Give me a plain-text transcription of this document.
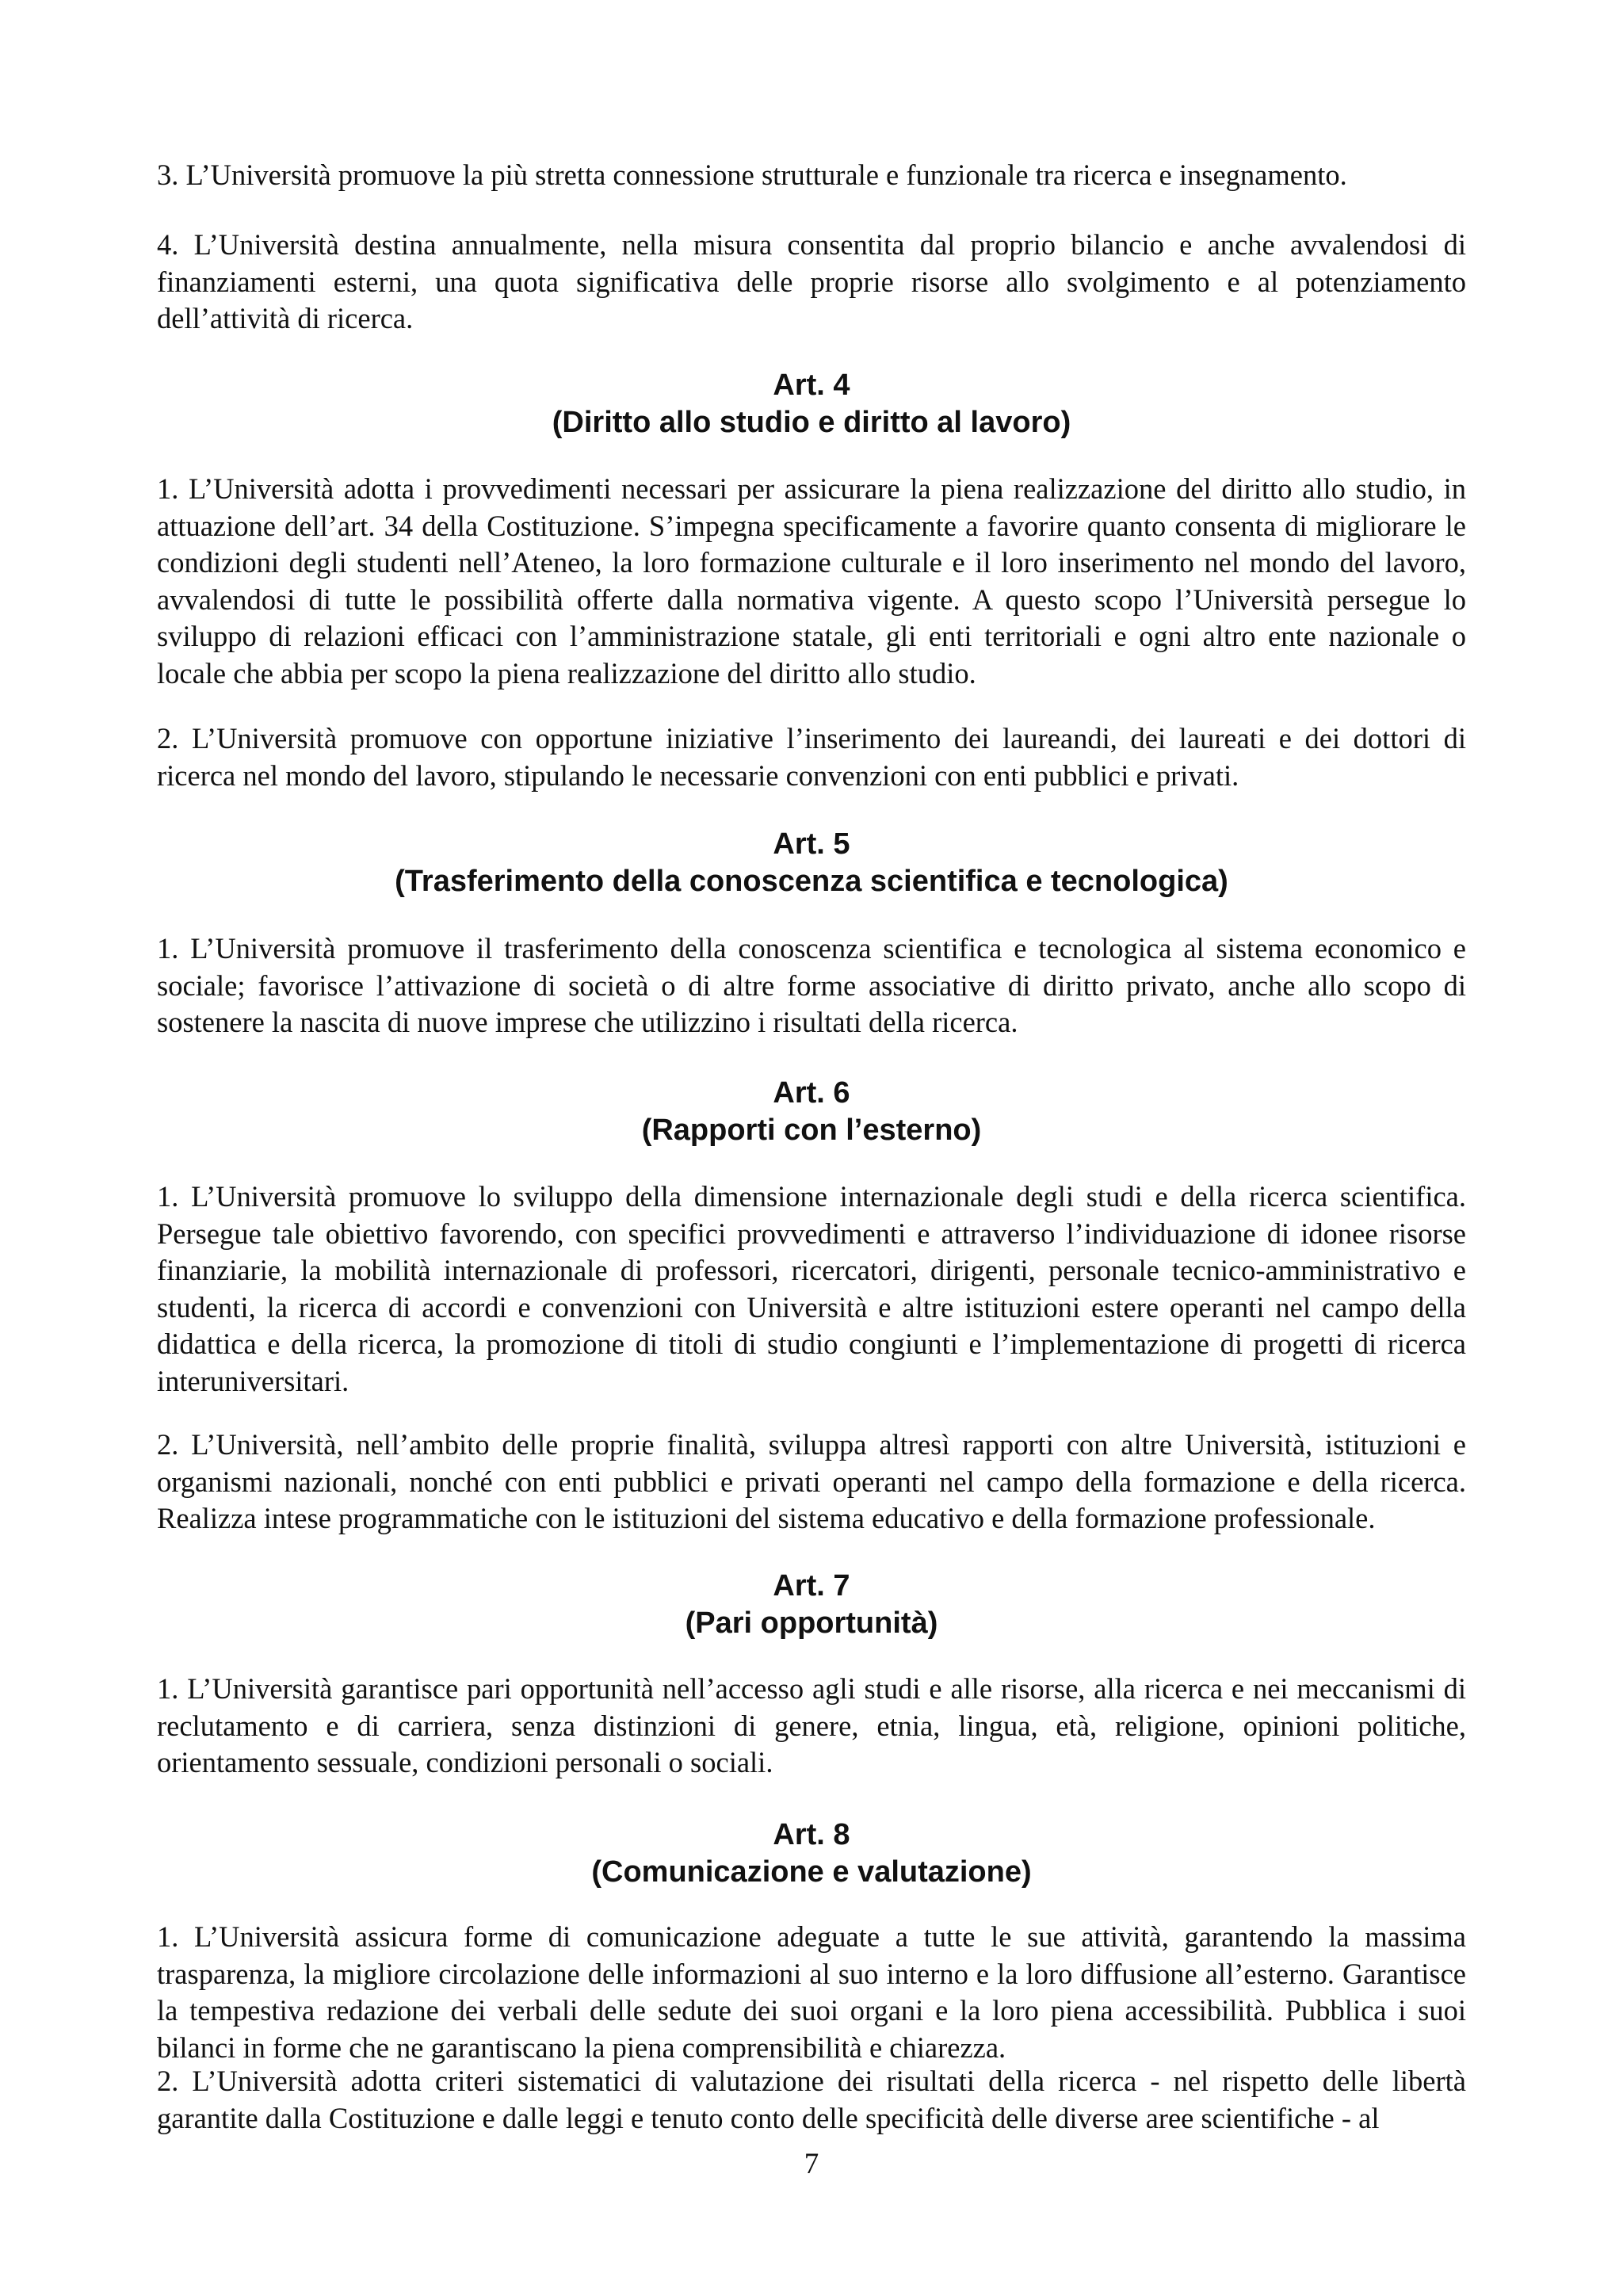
3. L’Università promuove la più stretta connessione strutturale e funzionale tra ricerca e insegnamento.

4. L’Università destina annualmente, nella misura consentita dal proprio bilancio e anche avvalendosi di finanziamenti esterni, una quota significativa delle proprie risorse allo svolgimento e al potenziamento dell’attività di ricerca.

Art. 4
(Diritto allo studio e diritto al lavoro)

1. L’Università adotta i provvedimenti necessari per assicurare la piena realizzazione del diritto allo studio, in attuazione dell’art. 34 della Costituzione. S’impegna specificamente a favorire quanto consenta di migliorare le condizioni degli studenti nell’Ateneo, la loro formazione culturale e il loro inserimento nel mondo del lavoro, avvalendosi di tutte le possibilità offerte dalla normativa vigente. A questo scopo l’Università persegue lo sviluppo di relazioni efficaci con l’amministrazione statale, gli enti territoriali e ogni altro ente nazionale o locale che abbia per scopo la piena realizzazione del diritto allo studio.

2. L’Università promuove con opportune iniziative l’inserimento dei laureandi, dei laureati e dei dottori di ricerca nel mondo del lavoro, stipulando le necessarie convenzioni con enti pubblici e privati.

Art. 5
(Trasferimento della conoscenza scientifica e tecnologica)

1. L’Università promuove il trasferimento della conoscenza scientifica e tecnologica al sistema economico e sociale; favorisce l’attivazione di società o di altre forme associative di diritto privato, anche allo scopo di sostenere la nascita di nuove imprese che utilizzino i risultati della ricerca.

Art. 6
(Rapporti con l’esterno)

1. L’Università promuove lo sviluppo della dimensione internazionale degli studi e della ricerca scientifica. Persegue tale obiettivo favorendo, con specifici provvedimenti e attraverso l’individuazione di idonee risorse finanziarie, la mobilità internazionale di professori, ricercatori, dirigenti, personale tecnico-amministrativo e studenti, la ricerca di accordi e convenzioni con Università e altre istituzioni estere operanti nel campo della didattica e della ricerca, la promozione di titoli di studio congiunti e l’implementazione di progetti di ricerca interuniversitari.

2. L’Università, nell’ambito delle proprie finalità, sviluppa altresì rapporti con altre Università, istituzioni e organismi nazionali, nonché con enti pubblici e privati operanti nel campo della formazione e della ricerca. Realizza intese programmatiche con le istituzioni del sistema educativo e della formazione professionale.

Art. 7
(Pari opportunità)

1. L’Università garantisce pari opportunità nell’accesso agli studi e alle risorse, alla ricerca e nei meccanismi di reclutamento e di carriera, senza distinzioni di genere, etnia, lingua, età, religione, opinioni politiche, orientamento sessuale, condizioni personali o sociali.

Art. 8
(Comunicazione e valutazione)

1. L’Università assicura forme di comunicazione adeguate a tutte le sue attività, garantendo la massima trasparenza, la migliore circolazione delle informazioni al suo interno e la loro diffusione all’esterno. Garantisce la tempestiva redazione dei verbali delle sedute dei suoi organi e la loro piena accessibilità. Pubblica i suoi bilanci in forme che ne garantiscano la piena comprensibilità e chiarezza.

2. L’Università adotta criteri sistematici di valutazione dei risultati della ricerca - nel rispetto delle libertà garantite dalla Costituzione e dalle leggi e tenuto conto delle specificità delle diverse aree scientifiche - al

7
